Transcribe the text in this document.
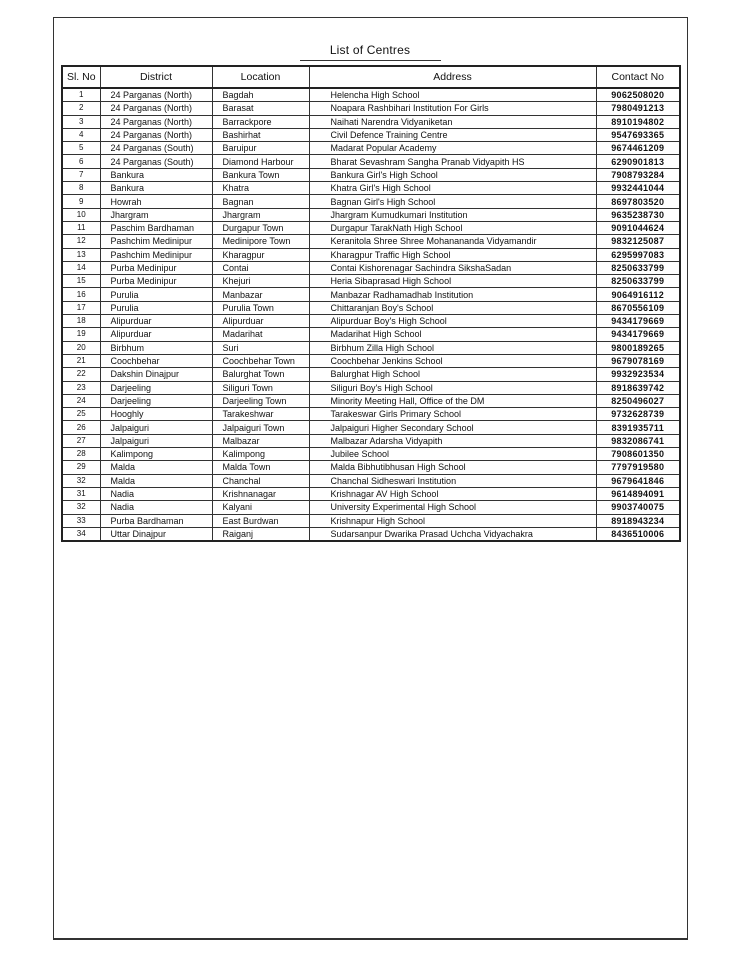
List of Centres
Sl. No	District	Location	Address	Contact No
1	24 Parganas (North)	Bagdah	Helencha High School	9062508020
2	24 Parganas (North)	Barasat	Noapara Rashbihari Institution For Girls	7980491213
3	24 Parganas (North)	Barrackpore	Naihati Narendra Vidyaniketan	8910194802
4	24 Parganas (North)	Bashirhat	Civil Defence Training Centre	9547693365
5	24 Parganas (South)	Baruipur	Madarat Popular Academy	9674461209
6	24 Parganas (South)	Diamond Harbour	Bharat Sevashram Sangha Pranab Vidyapith HS	6290901813
7	Bankura	Bankura Town	Bankura Girl's High School	7908793284
8	Bankura	Khatra	Khatra Girl's High School	9932441044
9	Howrah	Bagnan	Bagnan Girl's High School	8697803520
10	Jhargram	Jhargram	Jhargram Kumudkumari Institution	9635238730
11	Paschim Bardhaman	Durgapur Town	Durgapur TarakNath High School	9091044624
12	Pashchim Medinipur	Medinipore Town	Keranitola Shree Shree Mohanananda Vidyamandir	9832125087
13	Pashchim Medinipur	Kharagpur	Kharagpur Traffic High School	6295997083
14	Purba Medinipur	Contai	Contai Kishorenagar Sachindra SikshaSadan	8250633799
15	Purba Medinipur	Khejuri	Heria Sibaprasad High School	8250633799
16	Purulia	Manbazar	Manbazar Radhamadhab Institution	9064916112
17	Purulia	Purulia Town	Chittaranjan Boy's School	8670556109
18	Alipurduar	Alipurduar	Alipurduar Boy's High School	9434179669
19	Alipurduar	Madarihat	Madarihat High School	9434179669
20	Birbhum	Suri	Birbhum Zilla High School	9800189265
21	Coochbehar	Coochbehar Town	Coochbehar Jenkins School	9679078169
22	Dakshin Dinajpur	Balurghat Town	Balurghat High School	9932923534
23	Darjeeling	Siliguri Town	Siliguri Boy's High School	8918639742
24	Darjeeling	Darjeeling Town	Minority Meeting Hall, Office of the DM	8250496027
25	Hooghly	Tarakeshwar	Tarakeswar Girls Primary School	9732628739
26	Jalpaiguri	Jalpaiguri Town	Jalpaiguri Higher Secondary School	8391935711
27	Jalpaiguri	Malbazar	Malbazar Adarsha Vidyapith	9832086741
28	Kalimpong	Kalimpong	Jubilee School	7908601350
29	Malda	Malda Town	Malda Bibhutibhusan High School	7797919580
32	Malda	Chanchal	Chanchal Sidheswari Institution	9679641846
31	Nadia	Krishnanagar	Krishnagar AV High School	9614894091
32	Nadia	Kalyani	University Experimental High School	9903740075
33	Purba Bardhaman	East Burdwan	Krishnapur High School	8918943234
34	Uttar Dinajpur	Raiganj	Sudarsanpur Dwarika Prasad Uchcha Vidyachakra	8436510006
